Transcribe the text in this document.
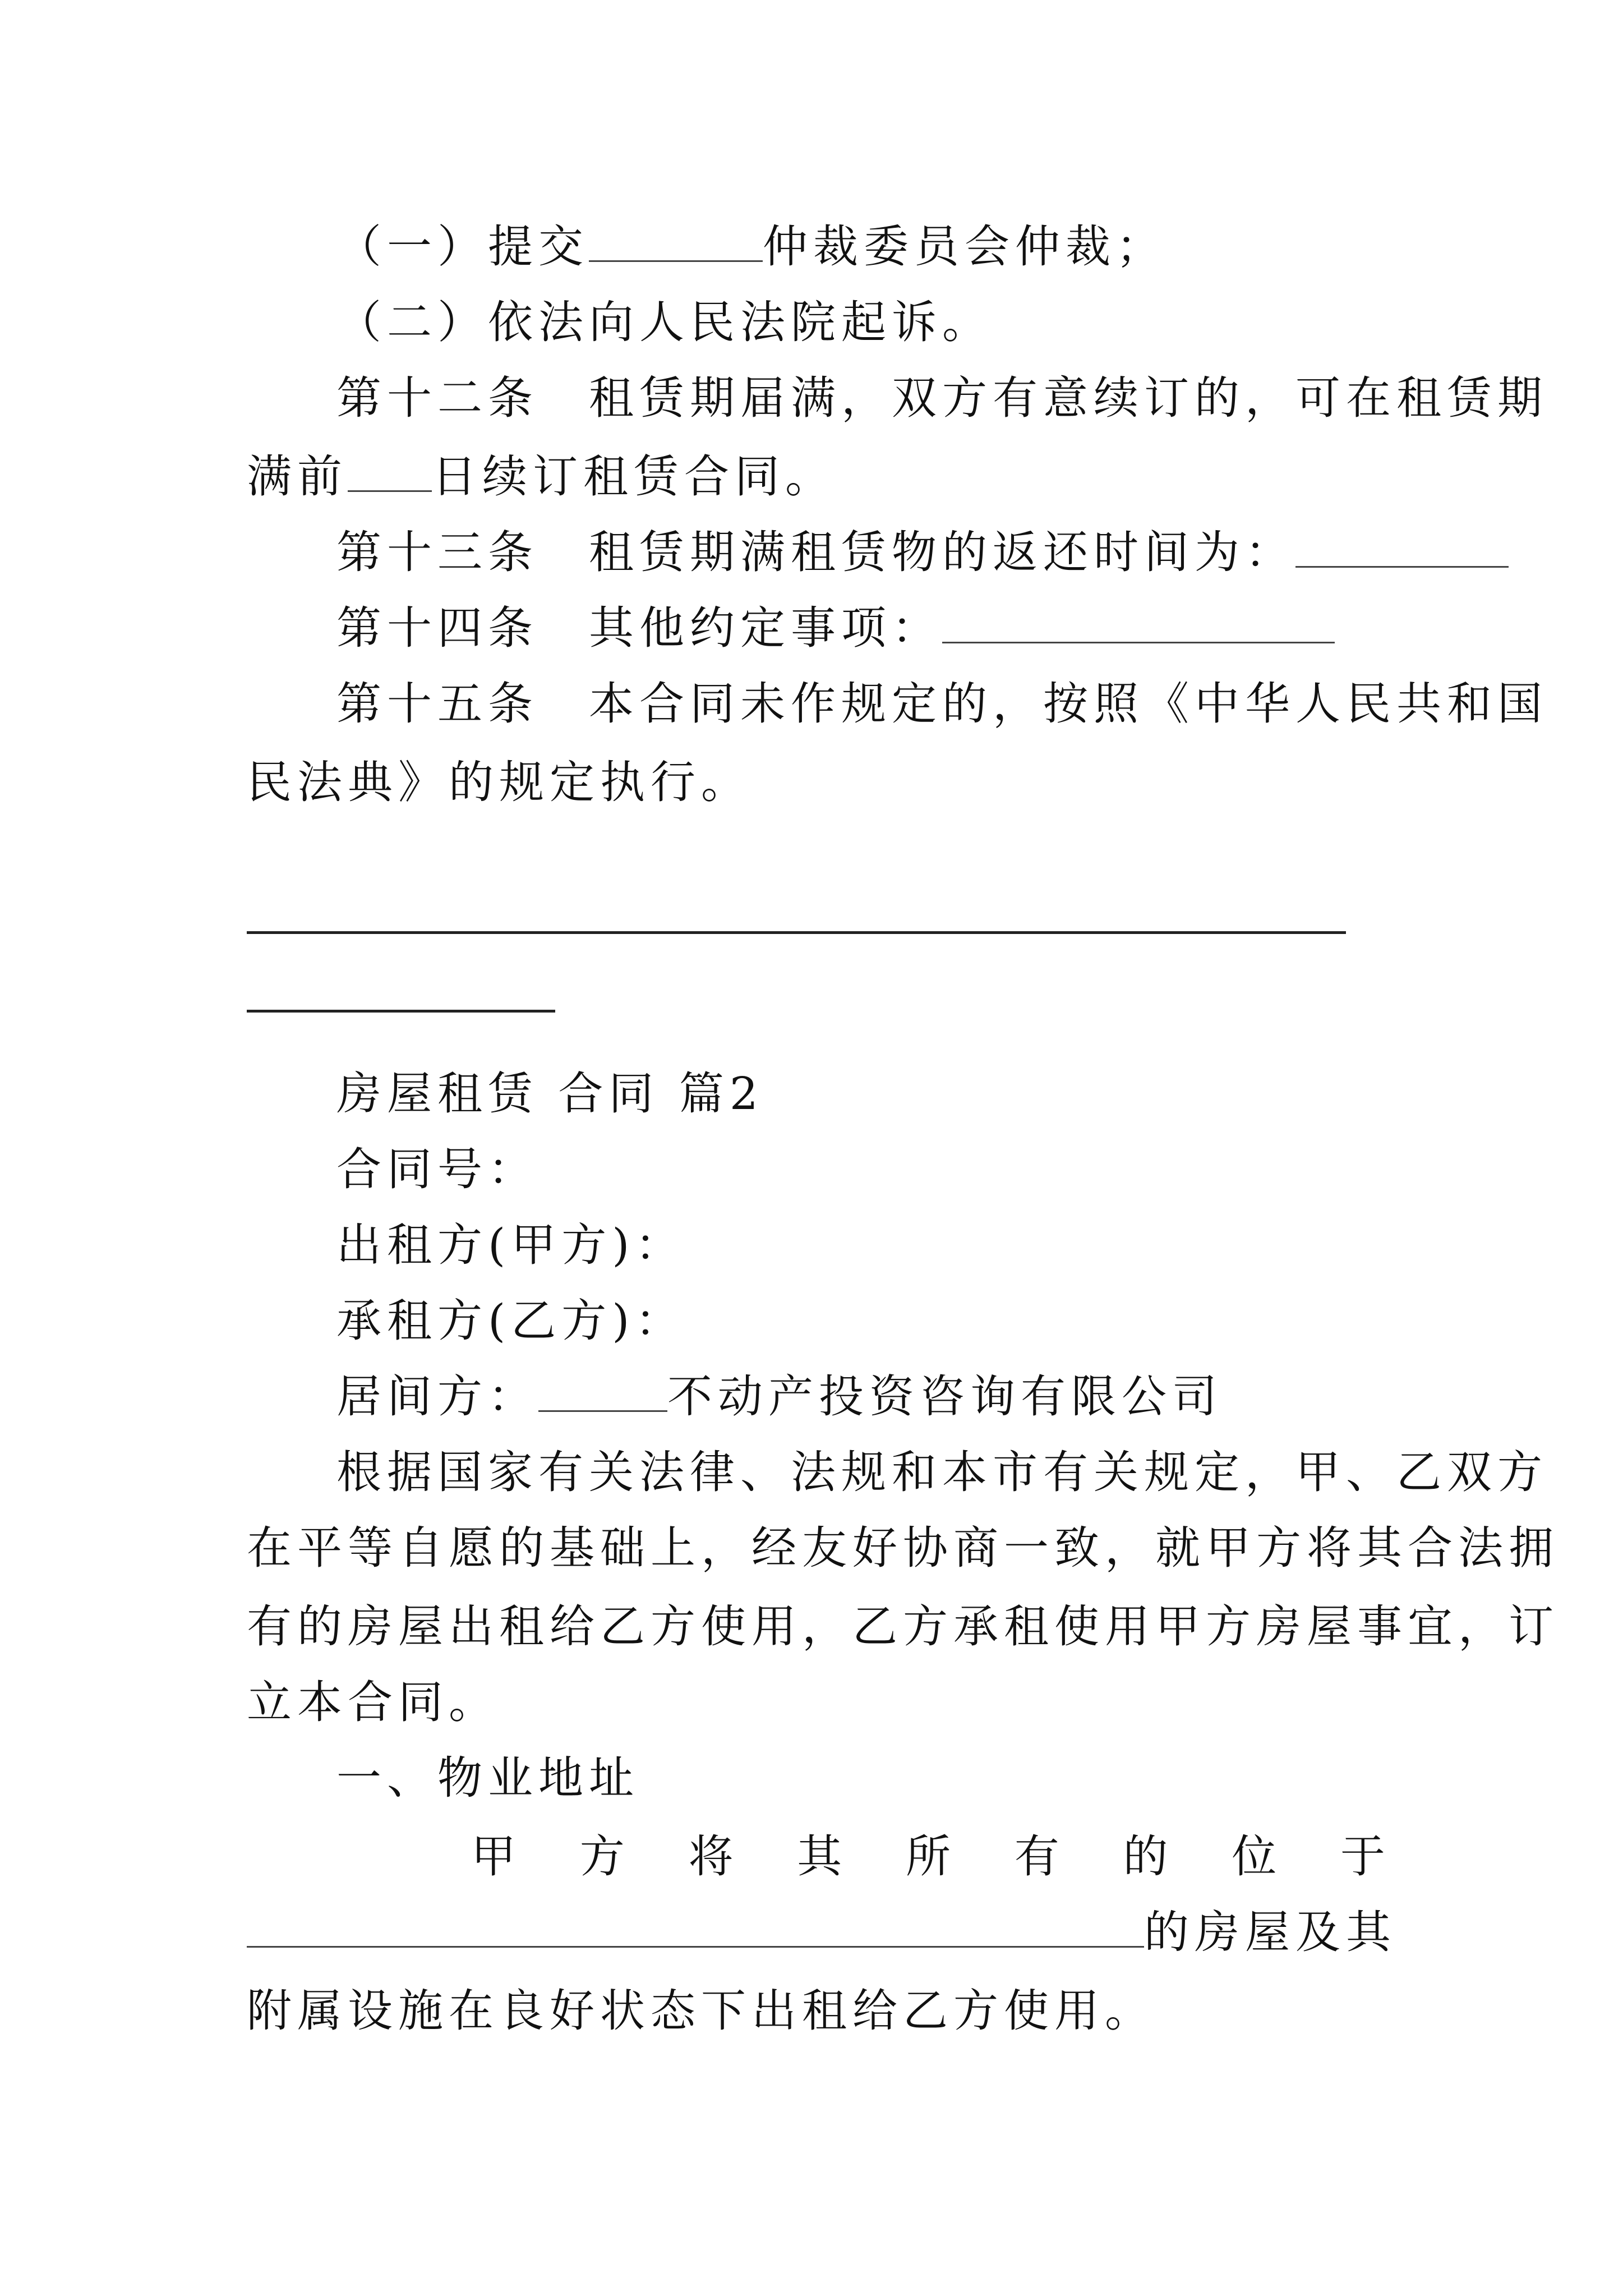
（一）提交	仲裁委员会仲裁；
（二）依法向人民法院起诉。
第十二条　租赁期届满，双方有意续订的，可在租赁期
满前 日续订租赁合同。
第十三条　租赁期满租赁物的返还时间为：
第十四条　其他约定事项：
第十五条　本合同未作规定的，按照《中华人民共和国
民法典》的规定执行。
房屋租赁 合同 篇2
合同号：
出租方(甲方)：
承租方(乙方)：
居间方：	不动产投资咨询有限公司
根据国家有关法律、法规和本市有关规定，甲、乙双方
在平等自愿的基础上，经友好协商一致，就甲方将其合法拥
有的房屋出租给乙方使用，乙方承租使用甲方房屋事宜，订
立本合同。
一、物业地址
甲 方 将 其 所 有 的 位 于
的房屋及其
附属设施在良好状态下出租给乙方使用。
